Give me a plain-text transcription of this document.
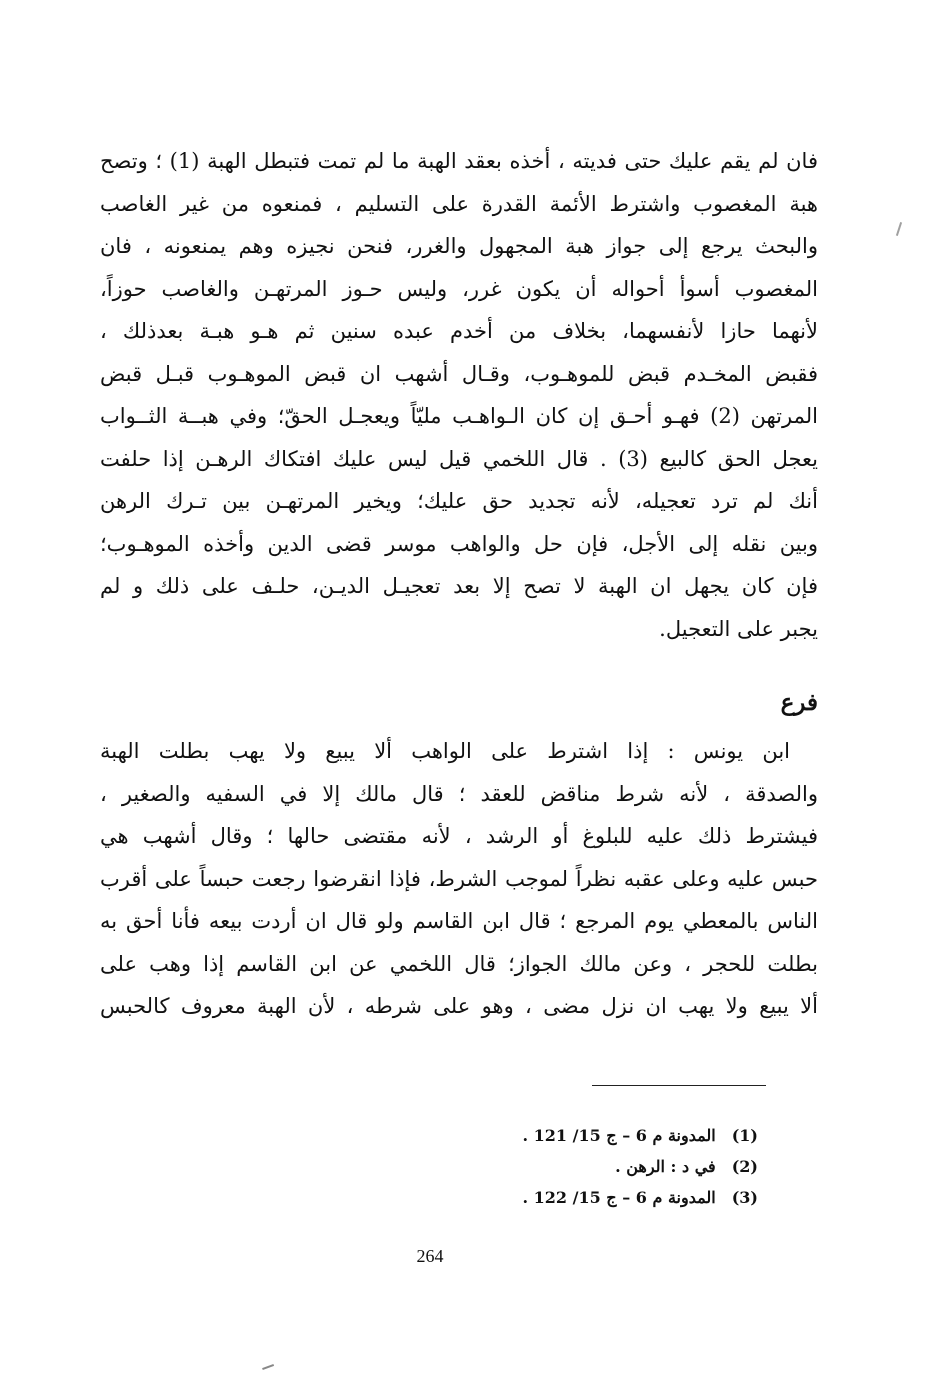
فان لم يقم عليك حتى فديته ، أخذه بعقد الهبة ما لم تمت فتبطل الهبة (1) ؛ وتصح
هبة المغصوب واشترط الأئمة القدرة على التسليم ، فمنعوه من غير الغاصب
والبحث يرجع إلى جواز هبة المجهول والغرر، فنحن نجيزه وهم يمنعونه ، فان
المغصوب أسوأ أحواله أن يكون غرر، وليس حـوز المرتهـن والغاصب حوزاً،
لأنهما حازا لأنفسهما، بخلاف من أخدم عبده سنين ثم هـو هبـة بعدذلك ،
فقبض المخـدم قبض للموهـوب، وقـال أشهب ان قبض الموهـوب قبـل قبض
المرتهن (2) فهـو أحـق إن كان الـواهـب مليّاً ويعجـل الحقّ؛ وفي هبــة الثــواب
يعجل الحق كالبيع (3) . قال اللخمي قيل ليس عليك افتكاك الرهـن إذا حلفت
أنك لم ترد تعجيله، لأنه تجديد حق عليك؛ ويخير المرتهـن بين تـرك الرهن
وبين نقله إلى الأجل، فإن حل والواهب موسر قضى الدين وأخذه الموهـوب؛
فإن كان يجهل ان الهبة لا تصح إلا بعد تعجيـل الديـن، حلـف على ذلك و لم
يجبر على التعجيل.
فرع
ابن يونس : إذا اشترط على الواهب ألا يبيع ولا يهب بطلت الهبة
والصدقة ، لأنه شرط مناقض للعقد ؛ قال مالك إلا في السفيه والصغير ،
فيشترط ذلك عليه للبلوغ أو الرشد ، لأنه مقتضى حالها ؛ وقال أشهب هي
حبس عليه وعلى عقبه نظراً لموجب الشرط، فإذا انقرضوا رجعت حبساً على أقرب
الناس بالمعطي يوم المرجع ؛ قال ابن القاسم ولو قال ان أردت بيعه فأنا أحق به
بطلت للحجر ، وعن مالك الجواز؛ قال اللخمي عن ابن القاسم إذا وهب على
ألا يبيع ولا يهب ان نزل مضى ، وهو على شرطه ، لأن الهبة معروف كالحبس
(1)المدونة م 6 – ج 15/ 121 .
(2)في د : الرهن .
(3)المدونة م 6 – ج 15/ 122 .
264
